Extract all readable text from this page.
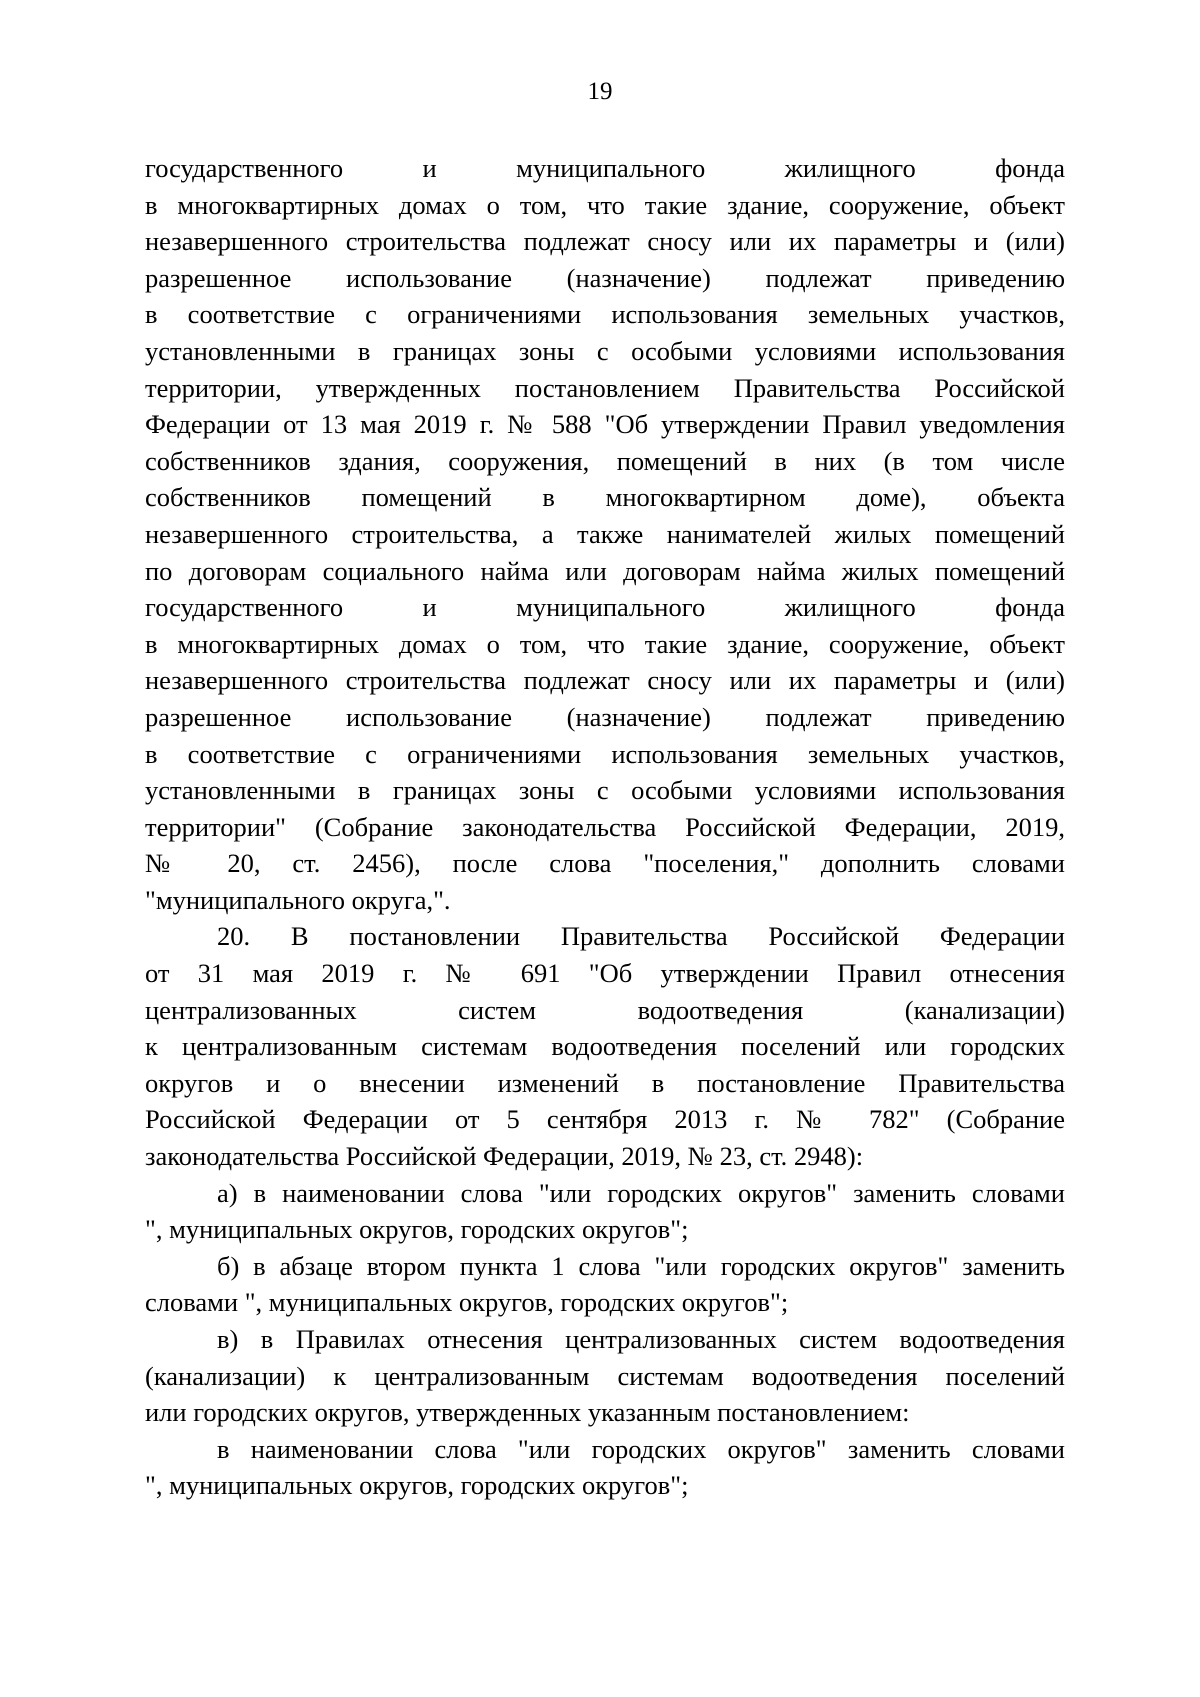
19
государственного и муниципального жилищного фонда
в многоквартирных домах о том, что такие здание, сооружение, объект
незавершенного строительства подлежат сносу или их параметры и (или)
разрешенное использование (назначение) подлежат приведению
в соответствие с ограничениями использования земельных участков,
установленными в границах зоны с особыми условиями использования
территории, утвержденных постановлением Правительства Российской
Федерации от 13 мая 2019 г. № 588 "Об утверждении Правил уведомления
собственников здания, сооружения, помещений в них (в том числе
собственников помещений в многоквартирном доме), объекта
незавершенного строительства, а также нанимателей жилых помещений
по договорам социального найма или договорам найма жилых помещений
государственного и муниципального жилищного фонда
в многоквартирных домах о том, что такие здание, сооружение, объект
незавершенного строительства подлежат сносу или их параметры и (или)
разрешенное использование (назначение) подлежат приведению
в соответствие с ограничениями использования земельных участков,
установленными в границах зоны с особыми условиями использования
территории" (Собрание законодательства Российской Федерации, 2019,
№ 20, ст. 2456), после слова "поселения," дополнить словами
"муниципального округа,".
20. В постановлении Правительства Российской Федерации
от 31 мая 2019 г. № 691 "Об утверждении Правил отнесения
централизованных систем водоотведения (канализации)
к централизованным системам водоотведения поселений или городских
округов и о внесении изменений в постановление Правительства
Российской Федерации от 5 сентября 2013 г. № 782" (Собрание
законодательства Российской Федерации, 2019, № 23, ст. 2948):
а) в наименовании слова "или городских округов" заменить словами
", муниципальных округов, городских округов";
б) в абзаце втором пункта 1 слова "или городских округов" заменить
словами ", муниципальных округов, городских округов";
в) в Правилах отнесения централизованных систем водоотведения
(канализации) к централизованным системам водоотведения поселений
или городских округов, утвержденных указанным постановлением:
в наименовании слова "или городских округов" заменить словами
", муниципальных округов, городских округов";
